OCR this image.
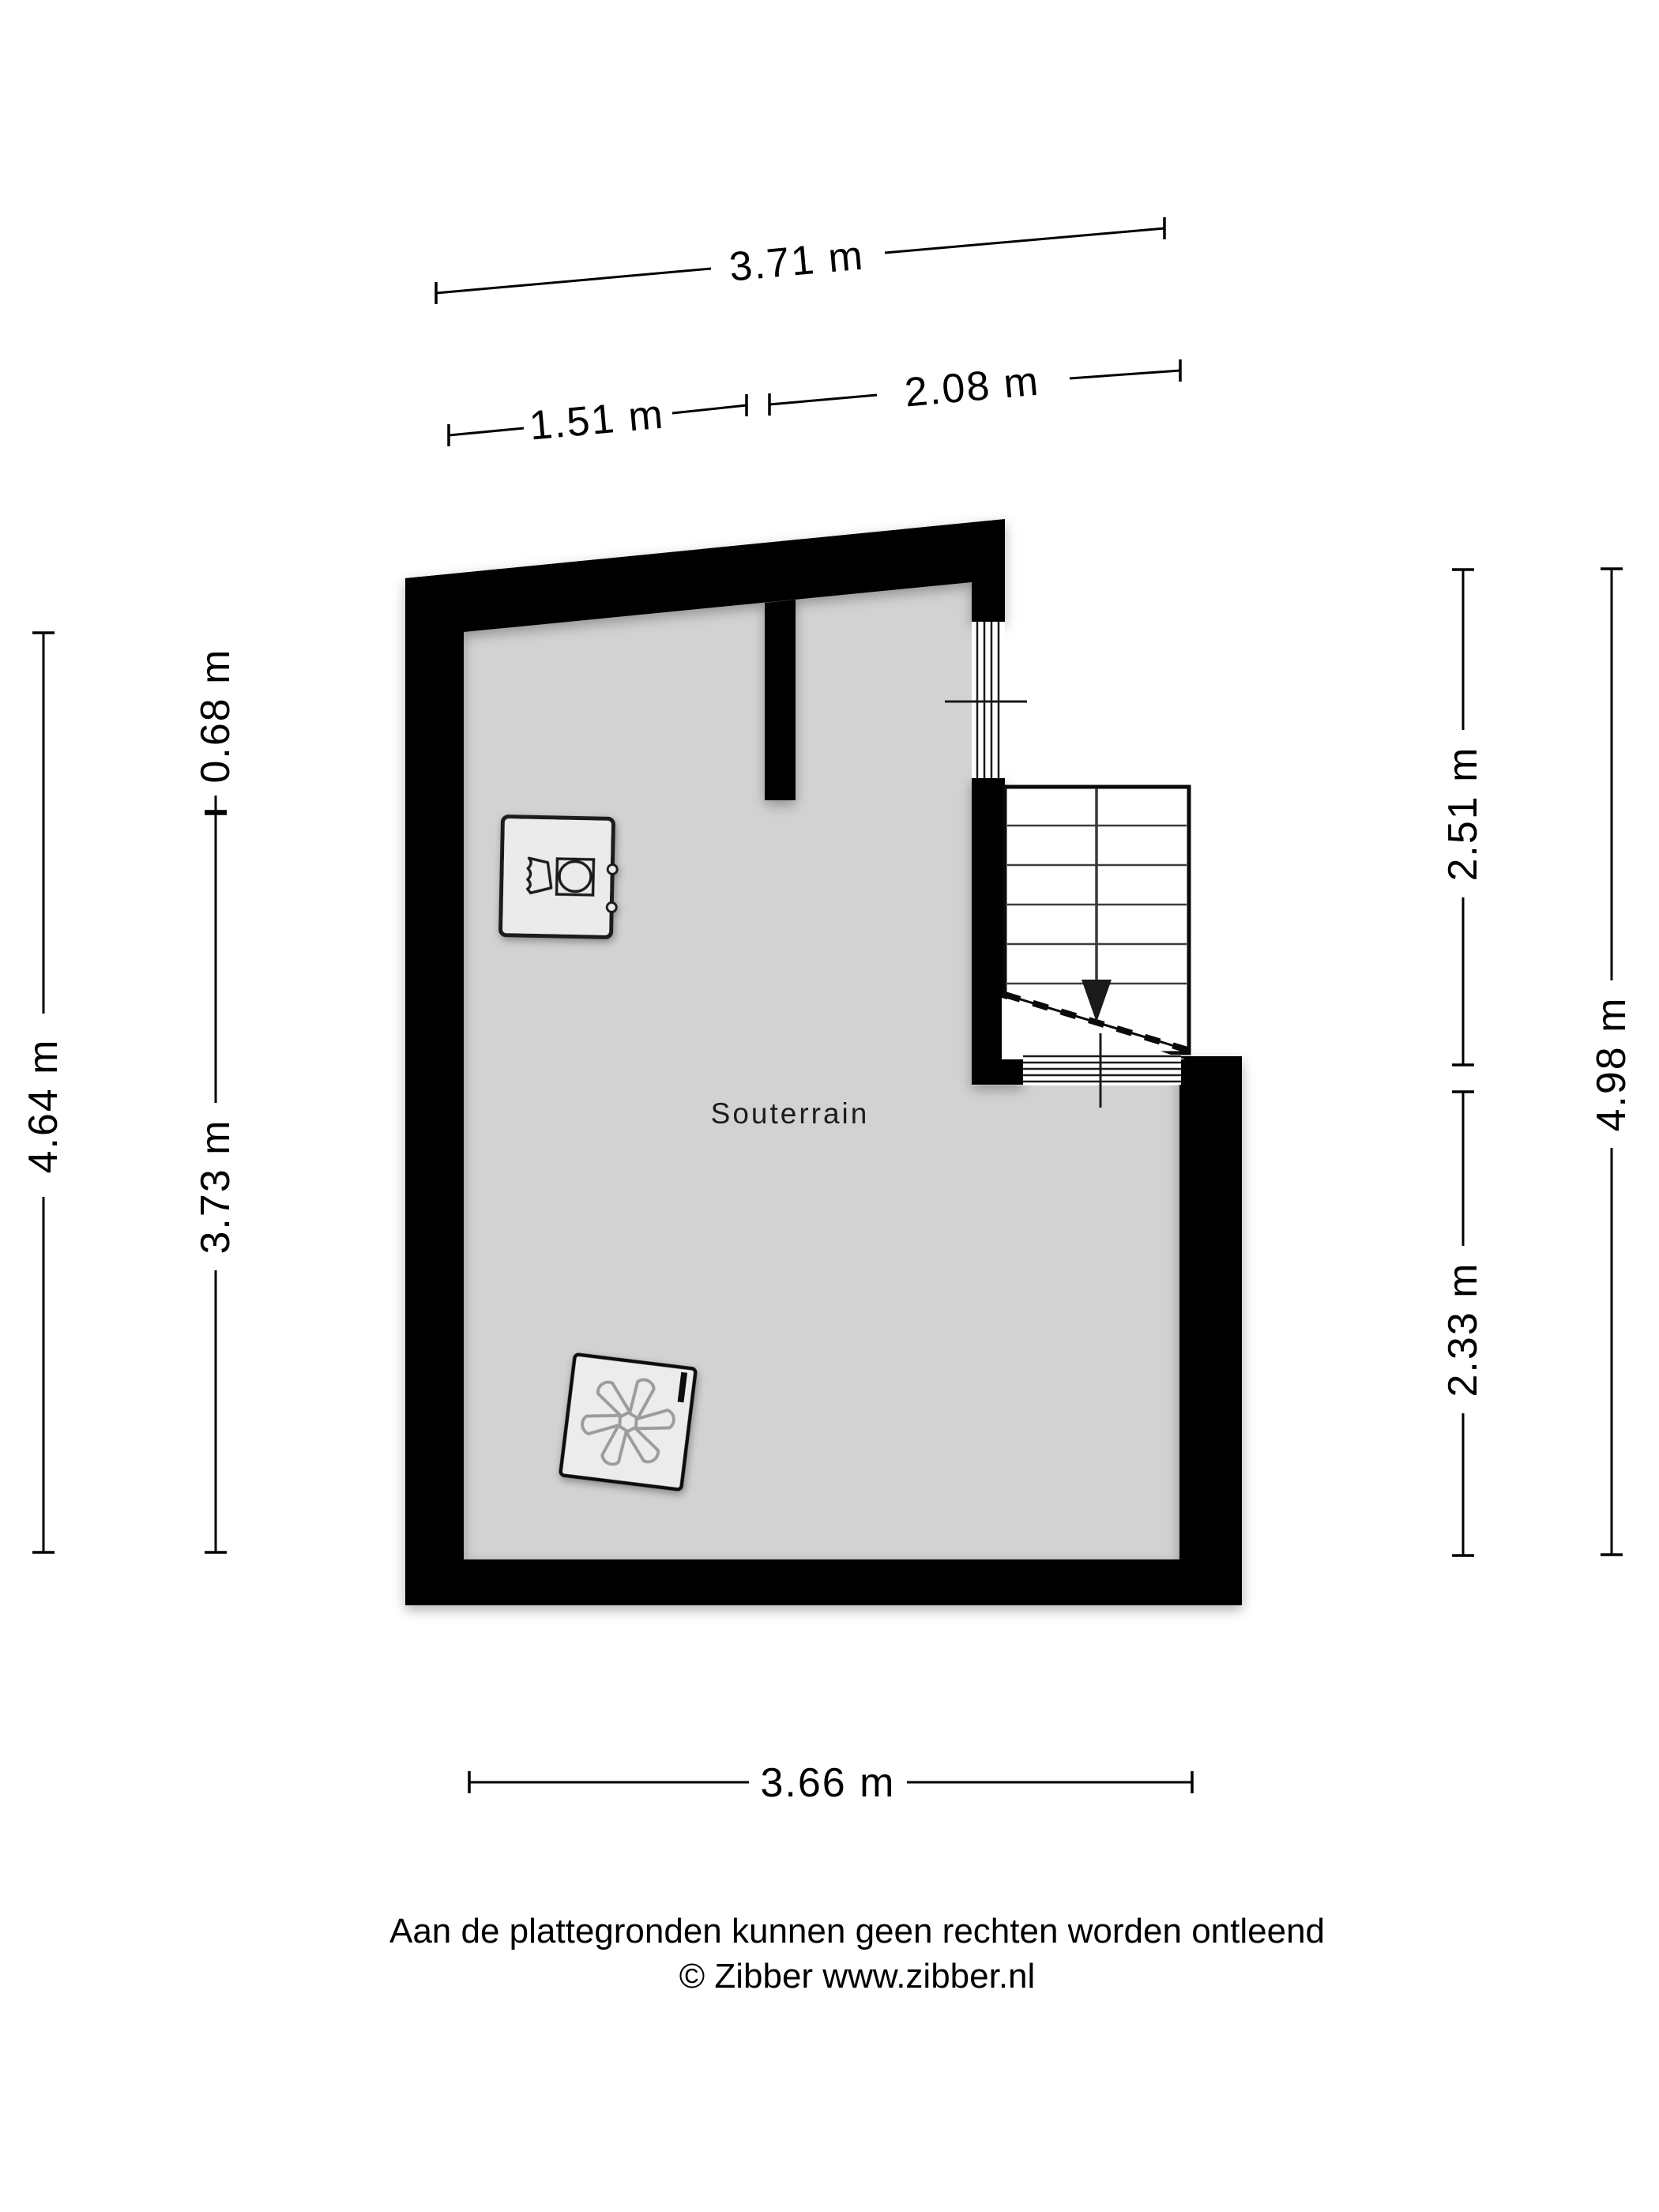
Souterrain
3.71 m
1.51 m
2.08 m
4.64 m
0.68 m
3.73 m
2.51 m
2.33 m
4.98 m
3.66 m
Aan de plattegronden kunnen geen rechten worden ontleend
© Zibber www.zibber.nl
